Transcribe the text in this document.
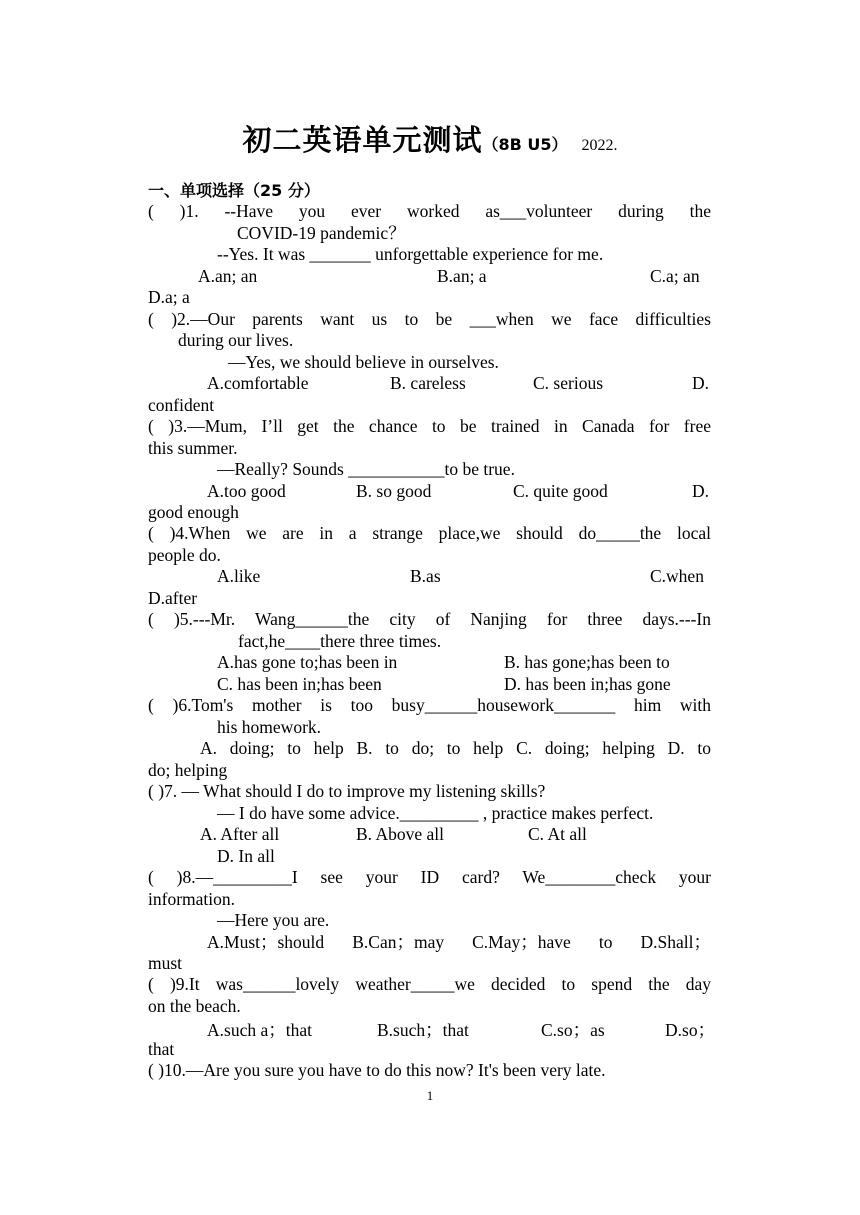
初二英语单元测试（8B U5） 2022.
一、单项选择（25 分）
( )1. --Have you ever worked as___volunteer during the
COVID-19 pandemic？
--Yes. It was _______ unforgettable experience for me.
A.an; an	B.an; a	C.a; an
D.a; a
( )2.—Our parents want us to be ___when we face difficulties
during our lives.
—Yes, we should believe in ourselves.
A.comfortable	B. careless	C. serious	D.
confident
( )3.—Mum, I’ll get the chance to be trained in Canada for free
this summer.
—Really? Sounds ___________to be true.
A.too good	B. so good	C. quite good	D.
good enough
( )4.When we are in a strange place,we should do_____the local
people do.
A.like	B.as	C.when
D.after
( )5.---Mr. Wang______the city of Nanjing for three days.---In
fact,he____there three times.
A.has gone to;has been in	B. has gone;has been to
C. has been in;has been	D. has been in;has gone
( )6.Tom's mother is too busy______housework_______ him with
his homework.
A. doing; to help B. to do; to help C. doing; helping D. to
do; helping
( )7. — What should I do to improve my listening skills?
— I do have some advice._________ , practice makes perfect.
A. After all	B. Above all	C. At all
D. In all
( )8.—_________I see your ID card? We________check your
information.
—Here you are.
A.Must；should B.Can；may C.May；have to D.Shall；
must
( )9.It was______lovely weather_____we decided to spend the day
on the beach.
A.such a；that	B.such；that	C.so；as	D.so；
that
( )10.—Are you sure you have to do this now? It's been very late.
1
